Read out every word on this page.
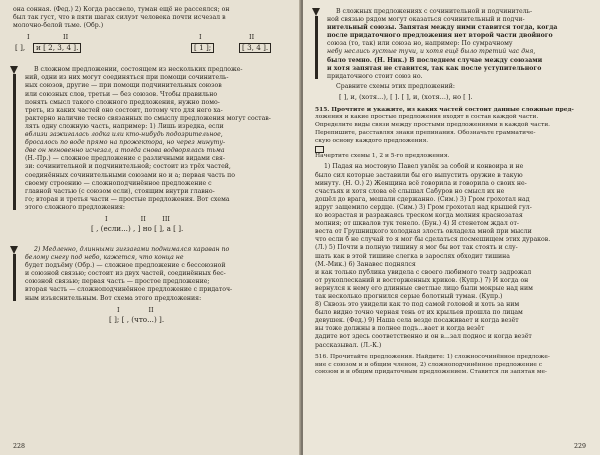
она сонная. (Фед.) 2) Когда рассвело, туман ещё не рассеялся; он
был так густ, что в пяти шагах силуэт человека почти исчезал в
молочно-белой тьме. (Обр.)
I	II
[ ],	и [ 2, 3, 4 ].
I	II
[ 1 ];	[ 3, 4 ].
В сложном предложении, состоящем из нескольких предложе-
ний, одни из них могут соединяться при помощи сочинитель-
ных союзов, другие — при помощи подчинительных союзов
или союзных слов, третьи — без союзов. Чтобы правильно
понять смысл такого сложного предложения, нужно помо-
треть, из каких частей оно состоит, потому что для него ха-
рактерно наличие тесно связанных по смыслу предложения могут состав-
лять одну сложную часть, например: 1) Лишь изредка, если
вблизи зажигалась лодка или кто-нибудь подозрительное,
бросалось по воде прямо на прожектора, но через минуту-
две он мгновенно исчезал, а тогда снова водворялась тьма
(Н.-Пр.) — сложное предложение с различными видами свя-
зи: сочинительной и подчинительной; состоит из трёх частей,
соединённых сочинительными союзами но и а; первая часть по
своему строению — сложноподчинённое предложение с
главной частью (с союзом если), стоящим внутри главно-
го; вторая и третья части — простые предложения. Вот схема
этого сложного предложения:
I                II        III
[ , (если...) , ] но [ ], а [ ].
2) Медленно, длинными зигзагами поднимался караван по
белому снегу под небо, кажется, что конца не
будет подъёму (Обр.) — сложное предложение с бессоюзной
и союзной связью; состоит из двух частей, соединённых бес-
союзной связью; первая часть — простое предложение;
вторая часть — сложноподчинённое предложение с придаточ-
ным изъяснительным. Вот схема этого предложения:
I              II
[ ]; [ , (что...) ].
228
В сложных предложениях с сочинительной и подчинитель-
ной связью рядом могут оказаться сочинительный и подчи-
нительный союзы. Запятая между ними ставится тогда, когда
после придаточного предложения нет второй части двойного
союза (то, так) или союза но, например: По сумрачному
небу неслись густые тучи, и хотя ещё было третий час дня,
было темно. (Н. Ник.) В последнем случае между союзами
и хотя запятая не ставится, так как после уступительного
придаточного стоит союз но.

Сравните схемы этих предложений:

[ ], и, (хотя...), [ ]. [ ], и, (хотя...), но [ ].
515. Прочтите и укажите, из каких частей состоит данные сложные пред-
ложения и какие простые предложения входят в состав каждой части.
Определите виды связи между простыми предложениями в каждой части.
Перепишите, расставляя знаки препинания. Обозначьте грамматиче-
скую основу каждого предложения.
Начертите схемы 1, 2 и 5-го предложения.
1) Падая на мостовую Павел увлёк за собой и конвоира и не
было сил которые заставили бы его выпустить оружие в такую
минуту. (Н. О.) 2) Женщина всё говорила и говорила о своих не-
счастьях и хотя слова её слышал Сабуров но смысл их не
дошёл до врага, мешали сдержанно. (Сим.) 3) Гром грохотал над
вдруг защемило сердце. (Сим.) 3) Гром грохотал над крышей гул-
ко возрастая и разражаясь треском когда молния краснозатая
молния; от шквалов тук тенело. (Бун.) 4) Я стенетом ждал от-
веста от Грушницкого холодная злость овладела мной при мысли
что если б не случай то я мог бы сделаться посмешищем этих дураков.
(Л.) 5) Почти в полную тишину я мог бы вот так стоять и слу-
шать как в этой тишине слегка в зарослях обходит тишина
(М.-Мик.) 6) Занавес поднялся
и как только публика увидела с своего любимого театр задрожал
от рукоплесканий и восторженных криков. (Купр.) 7) И когда он
вернулся к нему его длинные светлые лицо были мокрые над ним
так несколько прогнился серые болотный туман. (Купр.)
8) Сквозь это увидели как то под самой головой и хоть за ним
было видно точно черная тень от их крыльев прошла по лицам
девушек. (Фед.) 9) Наша села везде посаживает и когда везёт
вы тоже должны в полнее подъ...вает и когда везёт
дадите вот здесь соответственно и он в...зал поднос и когда везёт
рассказывал. (Л.-К.)
516. Прочитайте предложения. Найдите: 1) сложносочинённое предложе-
ние с союзом и и общим членом, 2) сложноподчинённое предложение с
союзом и и общим придаточным предложением. Ставится ли запятая ме-
229
